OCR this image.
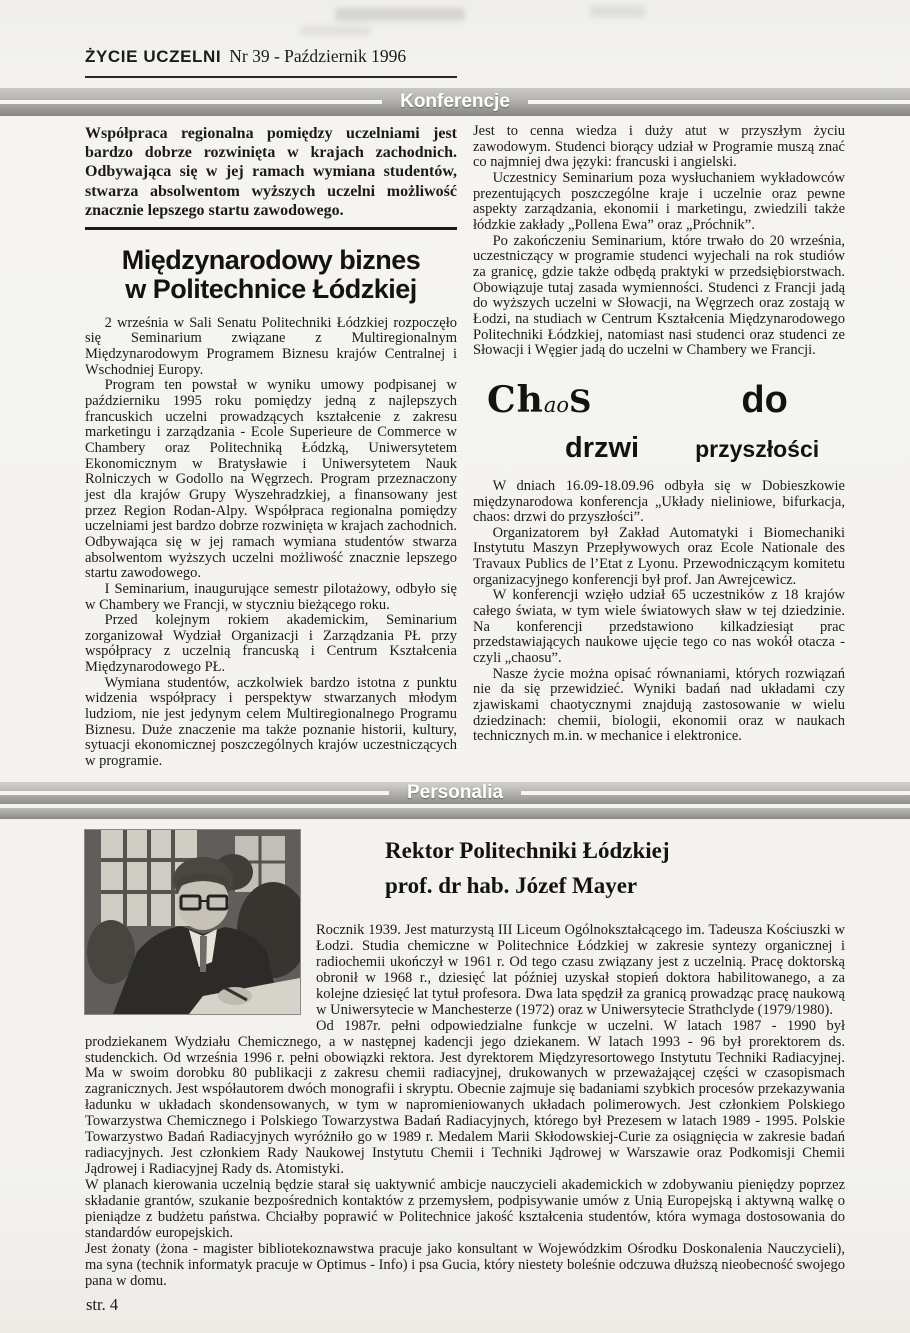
ŻYCIE UCZELNI Nr 39 - Październik 1996
Konferencje

Współpraca regionalna pomiędzy uczelniami jest bardzo dobrze rozwinięta w krajach zachodnich. Odbywająca się w jej ramach wymiana studentów, stwarza absolwentom wyższych uczelni możliwość znacznie lepszego startu zawodowego.

Międzynarodowy biznes
w Politechnice Łódzkiej

2 września w Sali Senatu Politechniki Łódzkiej rozpoczęło się Seminarium związane z Multiregionalnym Międzynarodowym Programem Biznesu krajów Centralnej i Wschodniej Europy.

Program ten powstał w wyniku umowy podpisanej w październiku 1995 roku pomiędzy jedną z najlepszych francuskich uczelni prowadzących kształcenie z zakresu marketingu i zarządzania - Ecole Superieure de Commerce w Chambery oraz Politechniką Łódzką, Uniwersytetem Ekonomicznym w Bratysławie i Uniwersytetem Nauk Rolniczych w Godollo na Węgrzech. Program przeznaczony jest dla krajów Grupy Wyszehradzkiej, a finansowany jest przez Region Rodan-Alpy. Współpraca regionalna pomiędzy uczelniami jest bardzo dobrze rozwinięta w krajach zachodnich. Odbywająca się w jej ramach wymiana studentów stwarza absolwentom wyższych uczelni możliwość znacznie lepszego startu zawodowego.

I Seminarium, inaugurujące semestr pilotażowy, odbyło się w Chambery we Francji, w styczniu bieżącego roku.

Przed kolejnym rokiem akademickim, Seminarium zorganizował Wydział Organizacji i Zarządzania PŁ przy współpracy z uczelnią francuską i Centrum Kształcenia Międzynarodowego PŁ.

Wymiana studentów, aczkolwiek bardzo istotna z punktu widzenia współpracy i perspektyw stwarzanych młodym ludziom, nie jest jedynym celem Multiregionalnego Programu Biznesu. Duże znaczenie ma także poznanie historii, kultury, sytuacji ekonomicznej poszczególnych krajów uczestniczących w programie.

Jest to cenna wiedza i duży atut w przyszłym życiu zawodowym. Studenci biorący udział w Programie muszą znać co najmniej dwa języki: francuski i angielski.

Uczestnicy Seminarium poza wysłuchaniem wykładowców prezentujących poszczególne kraje i uczelnie oraz pewne aspekty zarządzania, ekonomii i marketingu, zwiedzili także łódzkie zakłady „Pollena Ewa” oraz „Próchnik”.

Po zakończeniu Seminarium, które trwało do 20 września, uczestniczący w programie studenci wyjechali na rok studiów za granicę, gdzie także odbędą praktyki w przedsiębiorstwach. Obowiązuje tutaj zasada wymienności. Studenci z Francji jadą do wyższych uczelni w Słowacji, na Węgrzech oraz zostają w Łodzi, na studiach w Centrum Kształcenia Międzynarodowego Politechniki Łódzkiej, natomiast nasi studenci oraz studenci ze Słowacji i Węgier jadą do uczelni w Chambery we Francji.

ChaoS	do
drzwi przyszłości

W dniach 16.09-18.09.96 odbyła się w Dobieszkowie międzynarodowa konferencja „Układy nieliniowe, bifurkacja, chaos: drzwi do przyszłości”.

Organizatorem był Zakład Automatyki i Biomechaniki Instytutu Maszyn Przepływowych oraz Ecole Nationale des Travaux Publics de l’Etat z Lyonu. Przewodniczącym komitetu organizacyjnego konferencji był prof. Jan Awrejcewicz.

W konferencji wzięło udział 65 uczestników z 18 krajów całego świata, w tym wiele światowych sław w tej dziedzinie. Na konferencji przedstawiono kilkadziesiąt prac przedstawiających naukowe ujęcie tego co nas wokół otacza - czyli „chaosu”.

Nasze życie można opisać równaniami, których rozwiązań nie da się przewidzieć. Wyniki badań nad układami czy zjawiskami chaotycznymi znajdują zastosowanie w wielu dziedzinach: chemii, biologii, ekonomii oraz w naukach technicznych m.in. w mechanice i elektronice.

Personalia
Rektor Politechniki Łódzkiej
prof. dr hab. Józef Mayer

Rocznik 1939. Jest maturzystą III Liceum Ogólnokształcącego im. Tadeusza Kościuszki w Łodzi. Studia chemiczne w Politechnice Łódzkiej w zakresie syntezy organicznej i radiochemii ukończył w 1961 r. Od tego czasu związany jest z uczelnią. Pracę doktorską obronił w 1968 r., dziesięć lat później uzyskał stopień doktora habilitowanego, a za kolejne dziesięć lat tytuł profesora. Dwa lata spędził za granicą prowadząc pracę naukową w Uniwersytecie w Manchesterze (1972) oraz w Uniwersytecie Strathclyde (1979/1980).

Od 1987r. pełni odpowiedzialne funkcje w uczelni. W latach 1987 - 1990 był prodziekanem Wydziału Chemicznego, a w następnej kadencji jego dziekanem. W latach 1993 - 96 był prorektorem ds. studenckich. Od września 1996 r. pełni obowiązki rektora. Jest dyrektorem Międzyresortowego Instytutu Techniki Radiacyjnej. Ma w swoim dorobku 80 publikacji z zakresu chemii radiacyjnej, drukowanych w przeważającej części w czasopismach zagranicznych. Jest współautorem dwóch monografii i skryptu. Obecnie zajmuje się badaniami szybkich procesów przekazywania ładunku w układach skondensowanych, w tym w napromieniowanych układach polimerowych. Jest członkiem Polskiego Towarzystwa Chemicznego i Polskiego Towarzystwa Badań Radiacyjnych, którego był Prezesem w latach 1989 - 1995. Polskie Towarzystwo Badań Radiacyjnych wyróżniło go w 1989 r. Medalem Marii Skłodowskiej-Curie za osiągnięcia w zakresie badań radiacyjnych. Jest członkiem Rady Naukowej Instytutu Chemii i Techniki Jądrowej w Warszawie oraz Podkomisji Chemii Jądrowej i Radiacyjnej Rady ds. Atomistyki.

W planach kierowania uczelnią będzie starał się uaktywnić ambicje nauczycieli akademickich w zdobywaniu pieniędzy poprzez składanie grantów, szukanie bezpośrednich kontaktów z przemysłem, podpisywanie umów z Unią Europejską i aktywną walkę o pieniądze z budżetu państwa. Chciałby poprawić w Politechnice jakość kształcenia studentów, która wymaga dostosowania do standardów europejskich.

Jest żonaty (żona - magister bibliotekoznawstwa pracuje jako konsultant w Wojewódzkim Ośrodku Doskonalenia Nauczycieli), ma syna (technik informatyk pracuje w Optimus - Info) i psa Gucia, który niestety boleśnie odczuwa dłuższą nieobecność swojego pana w domu.

str. 4
